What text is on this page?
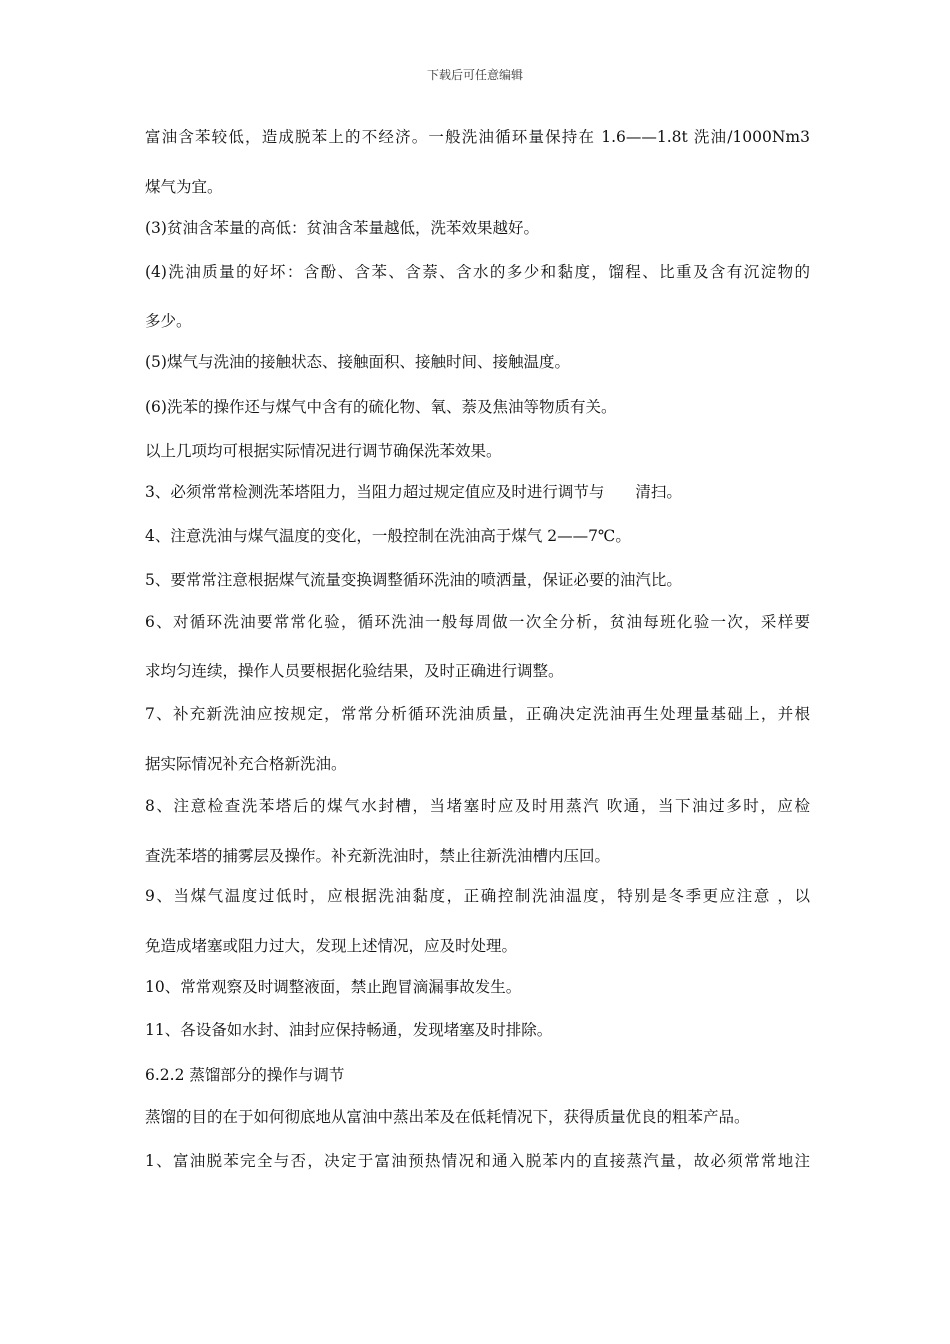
下载后可任意编辑
富油含苯较低，造成脱苯上的不经济。一般洗油循环量保持在 1.6——1.8t 洗油/1000Nm3
煤气为宜。
(3)贫油含苯量的高低：贫油含苯量越低，洗苯效果越好。
(4)洗油质量的好坏：含酚、含苯、含萘、含水的多少和黏度，馏程、比重及含有沉淀物的
多少。
(5)煤气与洗油的接触状态、接触面积、接触时间、接触温度。
(6)洗苯的操作还与煤气中含有的硫化物、氧、萘及焦油等物质有关。
以上几项均可根据实际情况进行调节确保洗苯效果。
3、必须常常检测洗苯塔阻力，当阻力超过规定值应及时进行调节与　　清扫。
4、注意洗油与煤气温度的变化，一般控制在洗油高于煤气 2——7℃。
5、要常常注意根据煤气流量变换调整循环洗油的喷洒量，保证必要的油汽比。
6、对循环洗油要常常化验，循环洗油一般每周做一次全分析，贫油每班化验一次，采样要
求均匀连续，操作人员要根据化验结果，及时正确进行调整。
7、补充新洗油应按规定，常常分析循环洗油质量，正确决定洗油再生处理量基础上，并根
据实际情况补充合格新洗油。
8、注意检查洗苯塔后的煤气水封槽，当堵塞时应及时用蒸汽 吹通，当下油过多时，应检
查洗苯塔的捕雾层及操作。补充新洗油时，禁止往新洗油槽内压回。
9、当煤气温度过低时，应根据洗油黏度，正确控制洗油温度，特别是冬季更应注意 ，以
免造成堵塞或阻力过大，发现上述情况，应及时处理。
10、常常观察及时调整液面，禁止跑冒滴漏事故发生。
11、各设备如水封、油封应保持畅通，发现堵塞及时排除。
6.2.2 蒸馏部分的操作与调节
蒸馏的目的在于如何彻底地从富油中蒸出苯及在低耗情况下，获得质量优良的粗苯产品。
1、富油脱苯完全与否，决定于富油预热情况和通入脱苯内的直接蒸汽量，故必须常常地注
